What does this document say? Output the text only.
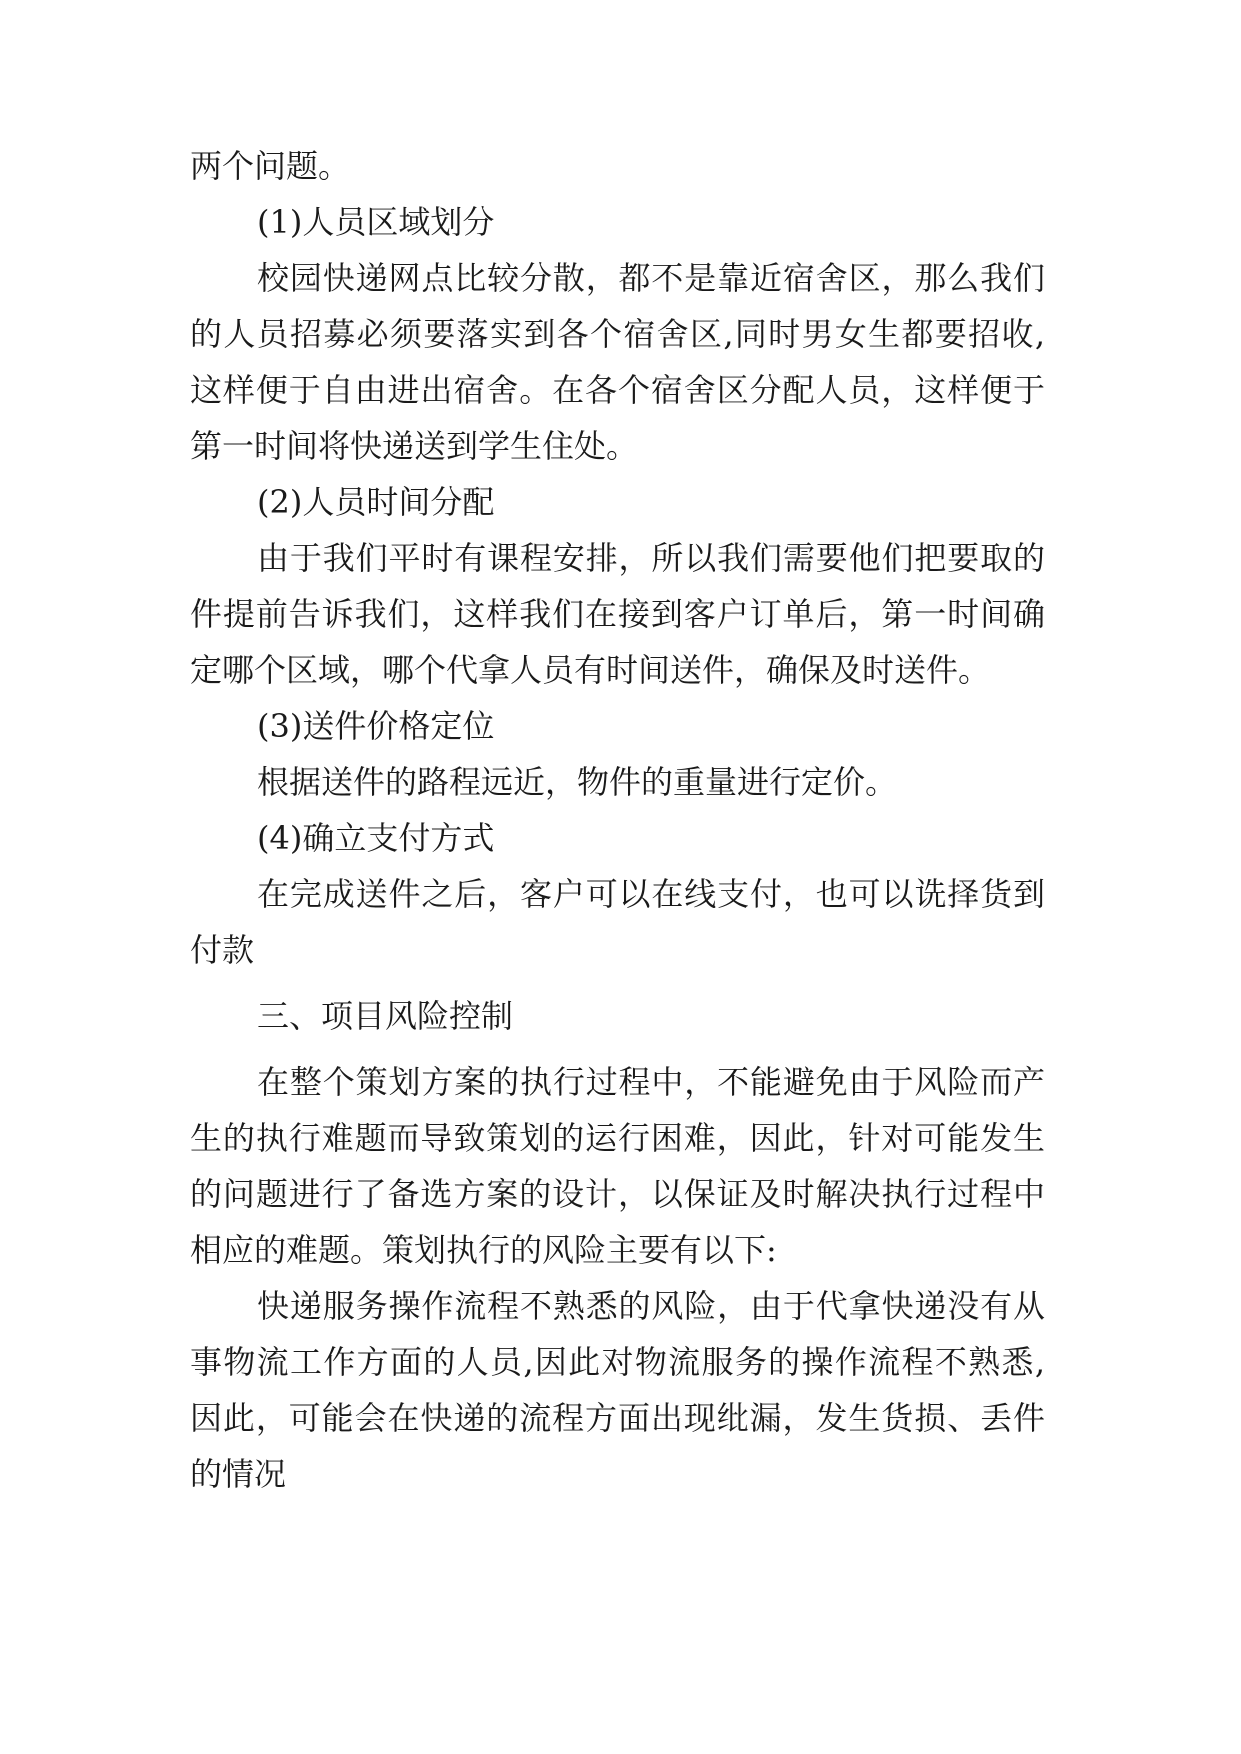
两个问题。
(1)人员区域划分
校园快递网点比较分散，都不是靠近宿舍区，那么我们
的人员招募必须要落实到各个宿舍区,同时男女生都要招收,
这样便于自由进出宿舍。在各个宿舍区分配人员，这样便于
第一时间将快递送到学生住处。
(2)人员时间分配
由于我们平时有课程安排，所以我们需要他们把要取的
件提前告诉我们，这样我们在接到客户订单后，第一时间确
定哪个区域，哪个代拿人员有时间送件，确保及时送件。
(3)送件价格定位
根据送件的路程远近，物件的重量进行定价。
(4)确立支付方式
在完成送件之后，客户可以在线支付，也可以诜择货到
付款
三、项目风险控制
在整个策划方案的执行过程中，不能避免由于风险而产
生的执行难题而导致策划的运行困难，因此，针对可能发生
的问题进行了备选方案的设计，以保证及时解决执行过程中
相应的难题。策划执行的风险主要有以下:
快递服务操作流程不熟悉的风险，由于代拿快递没有从
事物流工作方面的人员,因此对物流服务的操作流程不熟悉,
因此，可能会在快递的流程方面出现纰漏，发生货损、丢件
的情况
